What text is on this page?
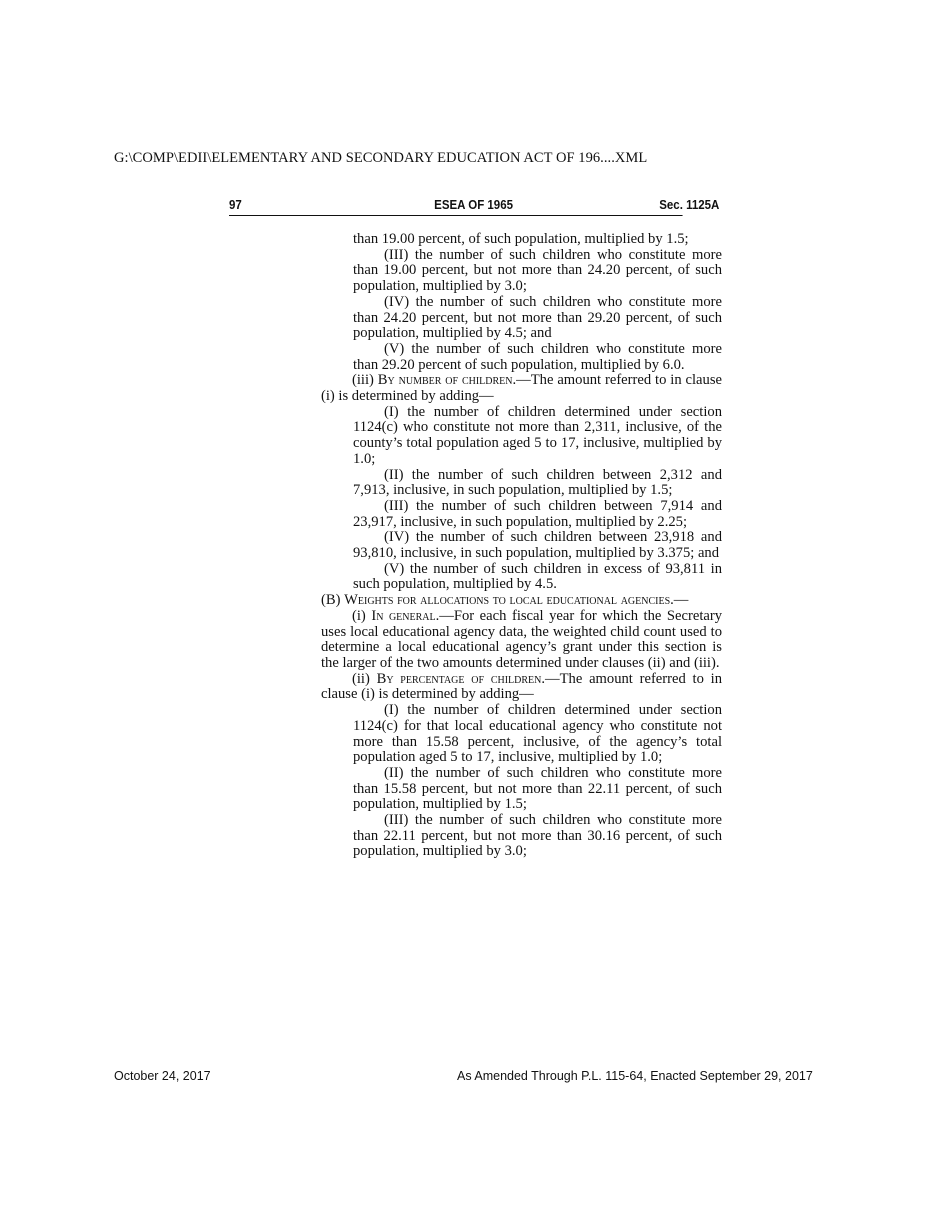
G:\COMP\EDII\ELEMENTARY AND SECONDARY EDUCATION ACT OF 196....XML
97	ESEA OF 1965	Sec. 1125A
than 19.00 percent, of such population, multiplied by 1.5;
(III) the number of such children who constitute more than 19.00 percent, but not more than 24.20 percent, of such population, multiplied by 3.0;
(IV) the number of such children who constitute more than 24.20 percent, but not more than 29.20 percent, of such population, multiplied by 4.5; and
(V) the number of such children who constitute more than 29.20 percent of such population, multiplied by 6.0.
(iii) By number of children.—The amount referred to in clause (i) is determined by adding—
(I) the number of children determined under section 1124(c) who constitute not more than 2,311, inclusive, of the county’s total population aged 5 to 17, inclusive, multiplied by 1.0;
(II) the number of such children between 2,312 and 7,913, inclusive, in such population, multiplied by 1.5;
(III) the number of such children between 7,914 and 23,917, inclusive, in such population, multiplied by 2.25;
(IV) the number of such children between 23,918 and 93,810, inclusive, in such population, multiplied by 3.375; and
(V) the number of such children in excess of 93,811 in such population, multiplied by 4.5.
(B) Weights for allocations to local educational agencies.—
(i) In general.—For each fiscal year for which the Secretary uses local educational agency data, the weighted child count used to determine a local educational agency’s grant under this section is the larger of the two amounts determined under clauses (ii) and (iii).
(ii) By percentage of children.—The amount referred to in clause (i) is determined by adding—
(I) the number of children determined under section 1124(c) for that local educational agency who constitute not more than 15.58 percent, inclusive, of the agency’s total population aged 5 to 17, inclusive, multiplied by 1.0;
(II) the number of such children who constitute more than 15.58 percent, but not more than 22.11 percent, of such population, multiplied by 1.5;
(III) the number of such children who constitute more than 22.11 percent, but not more than 30.16 percent, of such population, multiplied by 3.0;
October 24, 2017	As Amended Through P.L. 115-64, Enacted September 29, 2017
